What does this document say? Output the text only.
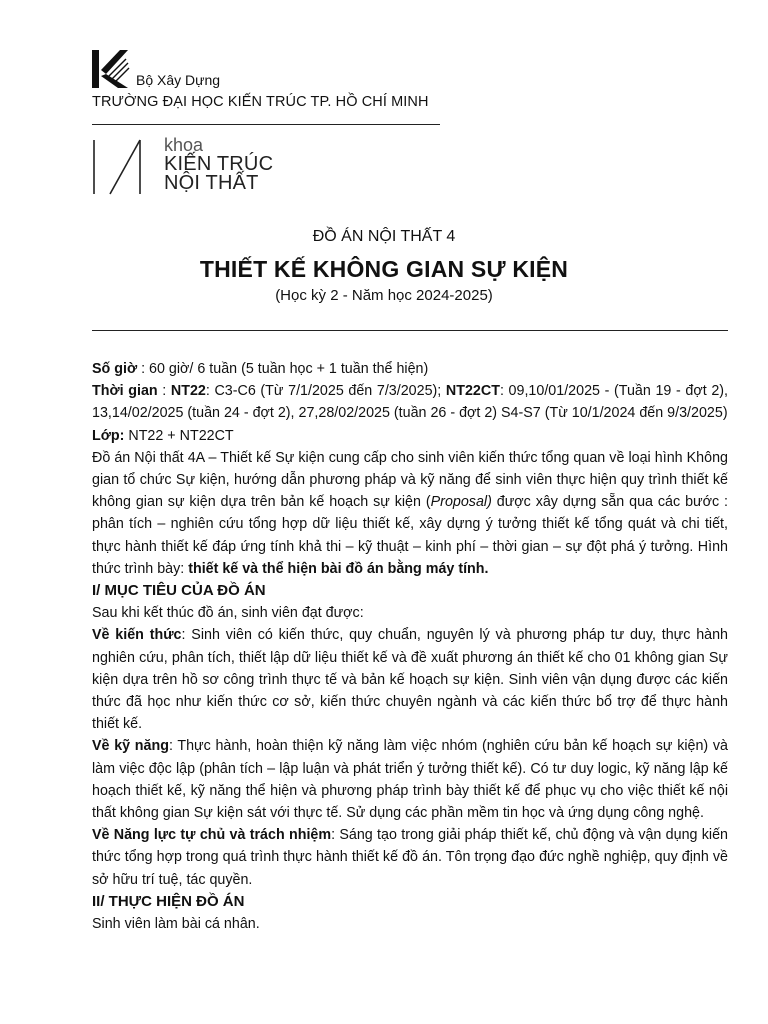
Bộ Xây Dựng
TRƯỜNG ĐẠI HỌC KIẾN TRÚC TP. HỒ CHÍ MINH
khoa
KIẾN TRÚC
NỘI THẤT
ĐỒ ÁN NỘI THẤT 4
THIẾT KẾ KHÔNG GIAN SỰ KIỆN
(Học kỳ 2 - Năm học 2024-2025)

Số giờ : 60 giờ/ 6 tuần (5 tuần học + 1 tuần thể hiện)

Thời gian : NT22: C3-C6 (Từ 7/1/2025 đến 7/3/2025); NT22CT: 09,10/01/2025 - (Tuần 19 - đợt 2), 13,14/02/2025 (tuần 24 - đợt 2), 27,28/02/2025 (tuần 26 - đợt 2) S4-S7 (Từ 10/1/2024 đến 9/3/2025)

Lớp: NT22 + NT22CT

Đồ án Nội thất 4A – Thiết kế Sự kiện cung cấp cho sinh viên kiến thức tổng quan về loại hình Không gian tổ chức Sự kiện, hướng dẫn phương pháp và kỹ năng để sinh viên thực hiện quy trình thiết kế không gian sự kiện dựa trên bản kế hoạch sự kiện (Proposal) được xây dựng sẵn qua các bước : phân tích – nghiên cứu tổng hợp dữ liệu thiết kế, xây dựng ý tưởng thiết kế tổng quát và chi tiết, thực hành thiết kế đáp ứng tính khả thi – kỹ thuật – kinh phí – thời gian – sự đột phá ý tưởng. Hình thức trình bày: thiết kế và thể hiện bài đồ án bằng máy tính.

I/ MỤC TIÊU CỦA ĐỒ ÁN

Sau khi kết thúc đồ án, sinh viên đạt được:

Về kiến thức: Sinh viên có kiến thức, quy chuẩn, nguyên lý và phương pháp tư duy, thực hành nghiên cứu, phân tích, thiết lập dữ liệu thiết kế và đề xuất phương án thiết kế cho 01 không gian Sự kiện dựa trên hồ sơ công trình thực tế và bản kế hoạch sự kiện. Sinh viên vận dụng được các kiến thức đã học như kiến thức cơ sở, kiến thức chuyên ngành và các kiến thức bổ trợ để thực hành thiết kế.

Về kỹ năng: Thực hành, hoàn thiện kỹ năng làm việc nhóm (nghiên cứu bản kế hoạch sự kiện) và làm việc độc lập (phân tích – lập luận và phát triển ý tưởng thiết kế). Có tư duy logic, kỹ năng lập kế hoạch thiết kế, kỹ năng thể hiện và phương pháp trình bày thiết kế để phục vụ cho việc thiết kế nội thất không gian Sự kiện sát với thực tế. Sử dụng các phần mềm tin học và ứng dụng công nghệ.

Về Năng lực tự chủ và trách nhiệm: Sáng tạo trong giải pháp thiết kế, chủ động và vận dụng kiến thức tổng hợp trong quá trình thực hành thiết kế đồ án. Tôn trọng đạo đức nghề nghiệp, quy định về sở hữu trí tuệ, tác quyền.

II/ THỰC HIỆN ĐỒ ÁN

Sinh viên làm bài cá nhân.
